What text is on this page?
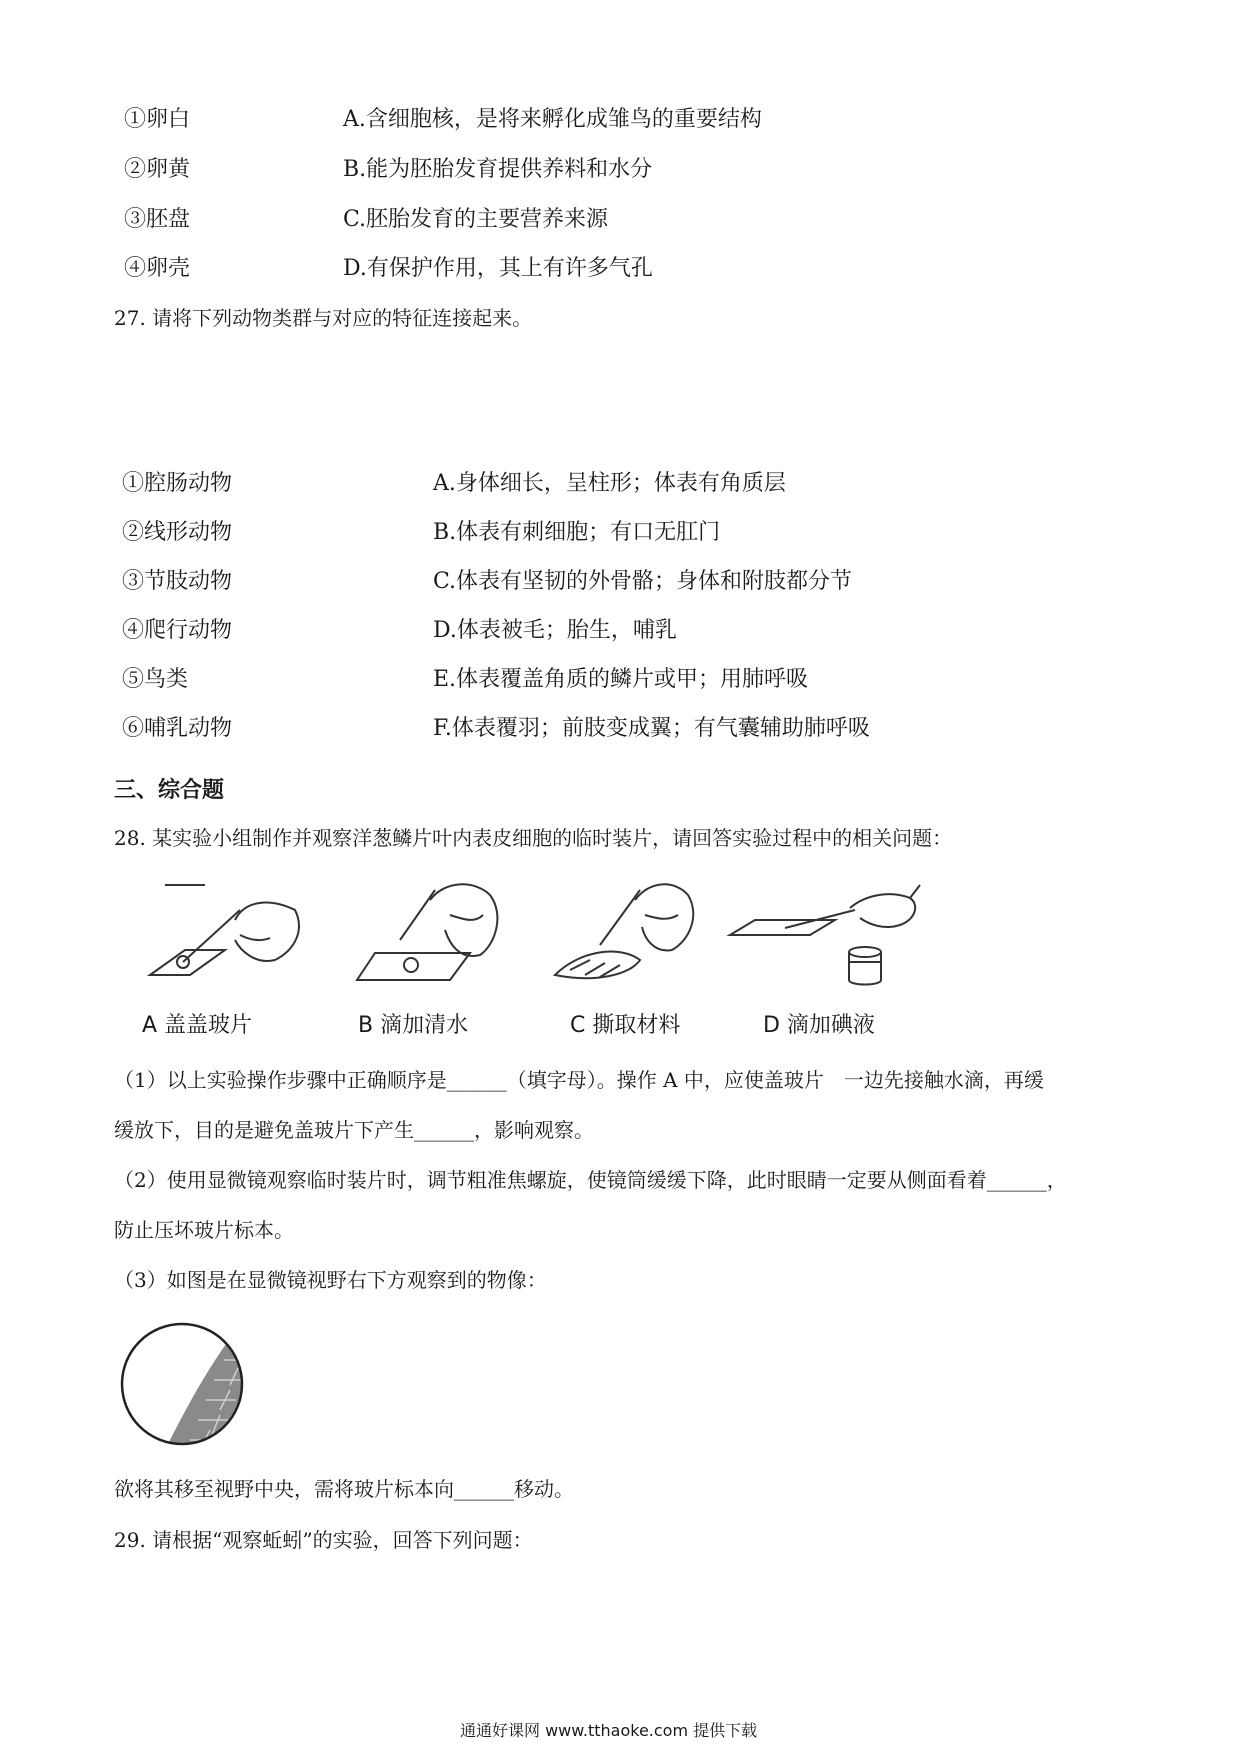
①卵白	A.含细胞核，是将来孵化成雏鸟的重要结构
②卵黄	B.能为胚胎发育提供养料和水分
③胚盘	C.胚胎发育的主要营养来源
④卵壳	D.有保护作用，其上有许多气孔
27. 请将下列动物类群与对应的特征连接起来。
①腔肠动物	A.身体细长，呈柱形；体表有角质层
②线形动物	B.体表有刺细胞；有口无肛门
③节肢动物	C.体表有坚韧的外骨骼；身体和附肢都分节
④爬行动物	D.体表被毛；胎生，哺乳
⑤鸟类	E.体表覆盖角质的鳞片或甲；用肺呼吸
⑥哺乳动物	F.体表覆羽；前肢变成翼；有气囊辅助肺呼吸
三、综合题
28. 某实验小组制作并观察洋葱鳞片叶内表皮细胞的临时装片，请回答实验过程中的相关问题：
A 盖盖玻片	B 滴加清水	C 撕取材料	D 滴加碘液
（1）以上实验操作步骤中正确顺序是______（填字母）。操作 A 中，应使盖玻片　一边先接触水滴，再缓
缓放下，目的是避免盖玻片下产生______，影响观察。
（2）使用显微镜观察临时装片时，调节粗准焦螺旋，使镜筒缓缓下降，此时眼睛一定要从侧面看着______，
防止压坏玻片标本。
（3）如图是在显微镜视野右下方观察到的物像：
欲将其移至视野中央，需将玻片标本向______移动。
29. 请根据“观察蚯蚓”的实验，回答下列问题：
通通好课网 www.tthaoke.com 提供下载
